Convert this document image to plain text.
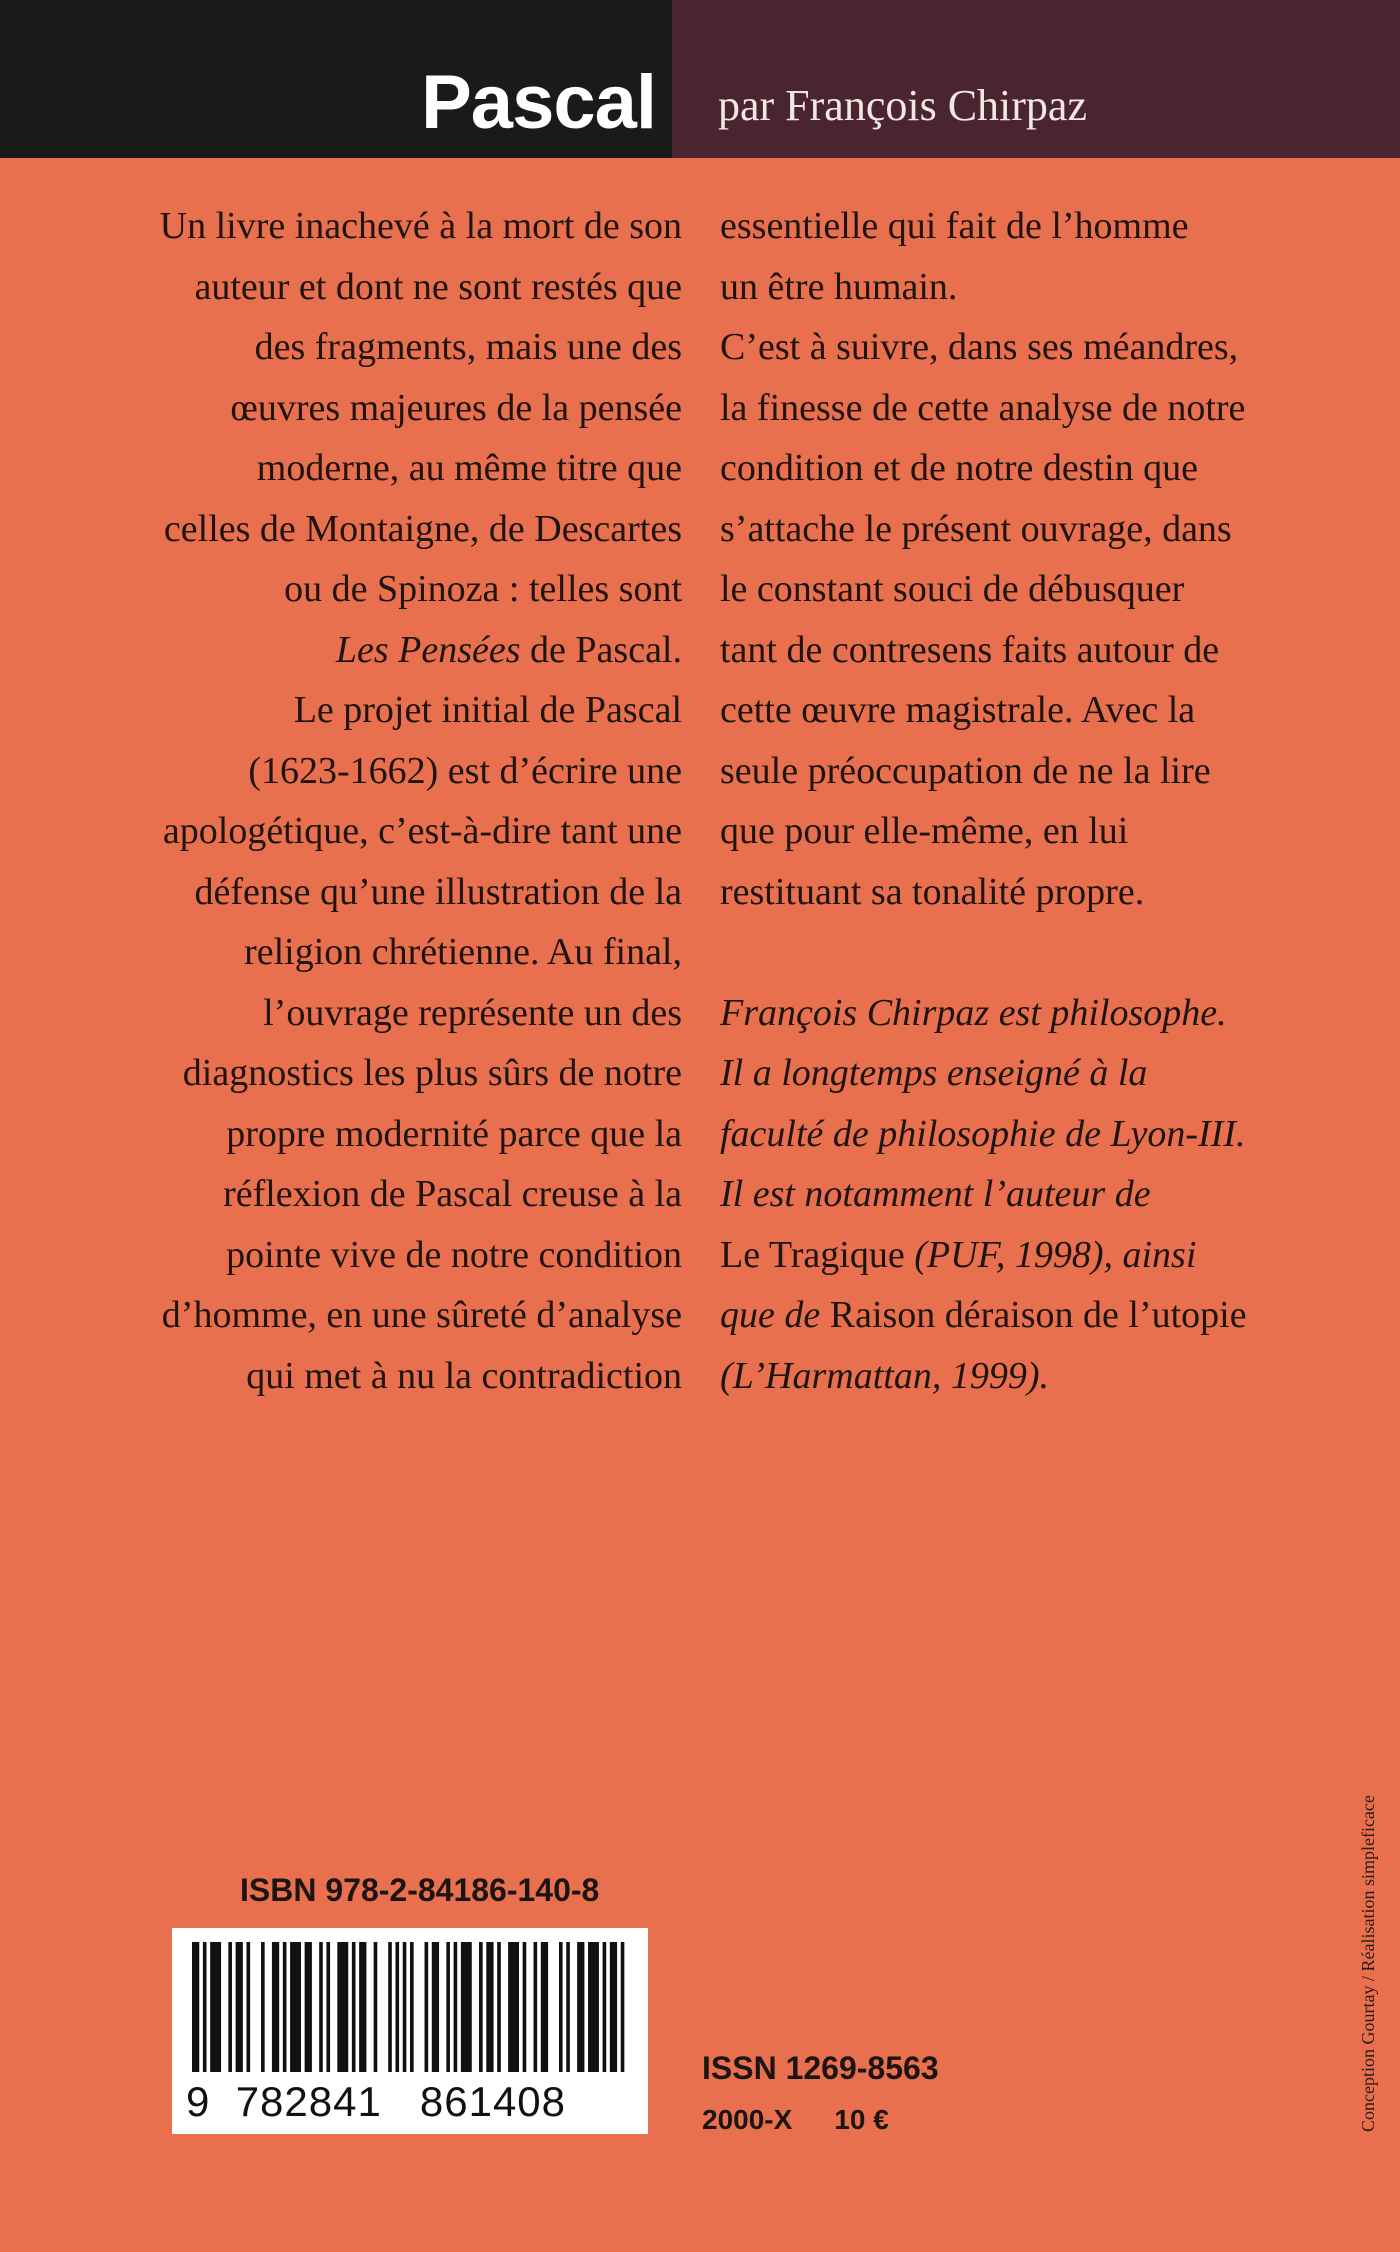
Pascal par François Chirpaz
Un livre inachevé à la mort de son
auteur et dont ne sont restés que
des fragments, mais une des
œuvres majeures de la pensée
moderne, au même titre que
celles de Montaigne, de Descartes
ou de Spinoza : telles sont
Les Pensées de Pascal.
Le projet initial de Pascal
(1623-1662) est d’écrire une
apologétique, c’est-à-dire tant une
défense qu’une illustration de la
religion chrétienne. Au final,
l’ouvrage représente un des
diagnostics les plus sûrs de notre
propre modernité parce que la
réflexion de Pascal creuse à la
pointe vive de notre condition
d’homme, en une sûreté d’analyse
qui met à nu la contradiction
essentielle qui fait de l’homme
un être humain.
C’est à suivre, dans ses méandres,
la finesse de cette analyse de notre
condition et de notre destin que
s’attache le présent ouvrage, dans
le constant souci de débusquer
tant de contresens faits autour de
cette œuvre magistrale. Avec la
seule préoccupation de ne la lire
que pour elle-même, en lui
restituant sa tonalité propre.
François Chirpaz est philosophe.
Il a longtemps enseigné à la
faculté de philosophie de Lyon-III.
Il est notamment l’auteur de
Le Tragique (PUF, 1998), ainsi
que de Raison déraison de l’utopie
(L’Harmattan, 1999).
ISBN 978-2-84186-140-8
9 782841 861408
ISSN 1269-8563
2000-X 10 €	Conception Gourtay / Réalisation simpleficace
